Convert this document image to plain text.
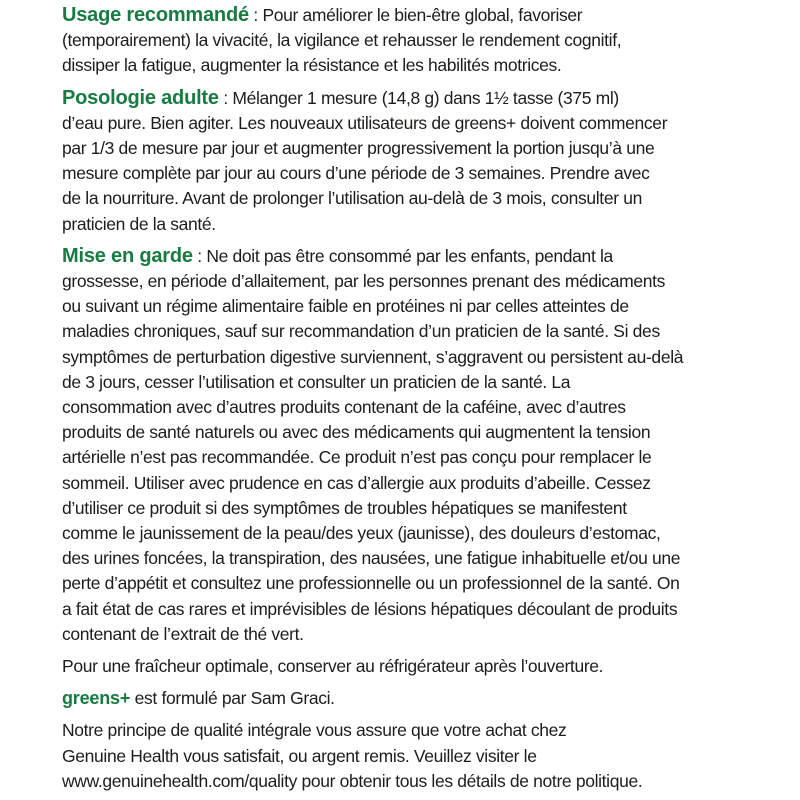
Usage recommandé : Pour améliorer le bien-être global, favoriser
(temporairement) la vivacité, la vigilance et rehausser le rendement cognitif,
dissiper la fatigue, augmenter la résistance et les habilités motrices.

Posologie adulte : Mélanger 1 mesure (14,8 g) dans 1½ tasse (375 ml)
d’eau pure. Bien agiter. Les nouveaux utilisateurs de greens+ doivent commencer
par 1/3 de mesure par jour et augmenter progressivement la portion jusqu’à une
mesure complète par jour au cours d’une période de 3 semaines. Prendre avec
de la nourriture. Avant de prolonger l’utilisation au-delà de 3 mois, consulter un
praticien de la santé.

Mise en garde : Ne doit pas être consommé par les enfants, pendant la
grossesse, en période d’allaitement, par les personnes prenant des médicaments
ou suivant un régime alimentaire faible en protéines ni par celles atteintes de
maladies chroniques, sauf sur recommandation d’un praticien de la santé. Si des
symptômes de perturbation digestive surviennent, s’aggravent ou persistent au-delà
de 3 jours, cesser l’utilisation et consulter un praticien de la santé. La
consommation avec d’autres produits contenant de la caféine, avec d’autres
produits de santé naturels ou avec des médicaments qui augmentent la tension
artérielle n’est pas recommandée. Ce produit n’est pas conçu pour remplacer le
sommeil. Utiliser avec prudence en cas d’allergie aux produits d’abeille. Cessez
d’utiliser ce produit si des symptômes de troubles hépatiques se manifestent
comme le jaunissement de la peau/des yeux (jaunisse), des douleurs d’estomac,
des urines foncées, la transpiration, des nausées, une fatigue inhabituelle et/ou une
perte d’appétit et consultez une professionnelle ou un professionnel de la santé. On
a fait état de cas rares et imprévisibles de lésions hépatiques découlant de produits
contenant de l’extrait de thé vert.

Pour une fraîcheur optimale, conserver au réfrigérateur après l’ouverture.

greens+ est formulé par Sam Graci.

Notre principe de qualité intégrale vous assure que votre achat chez
Genuine Health vous satisfait, ou argent remis. Veuillez visiter le
www.genuinehealth.com/quality pour obtenir tous les détails de notre politique.
